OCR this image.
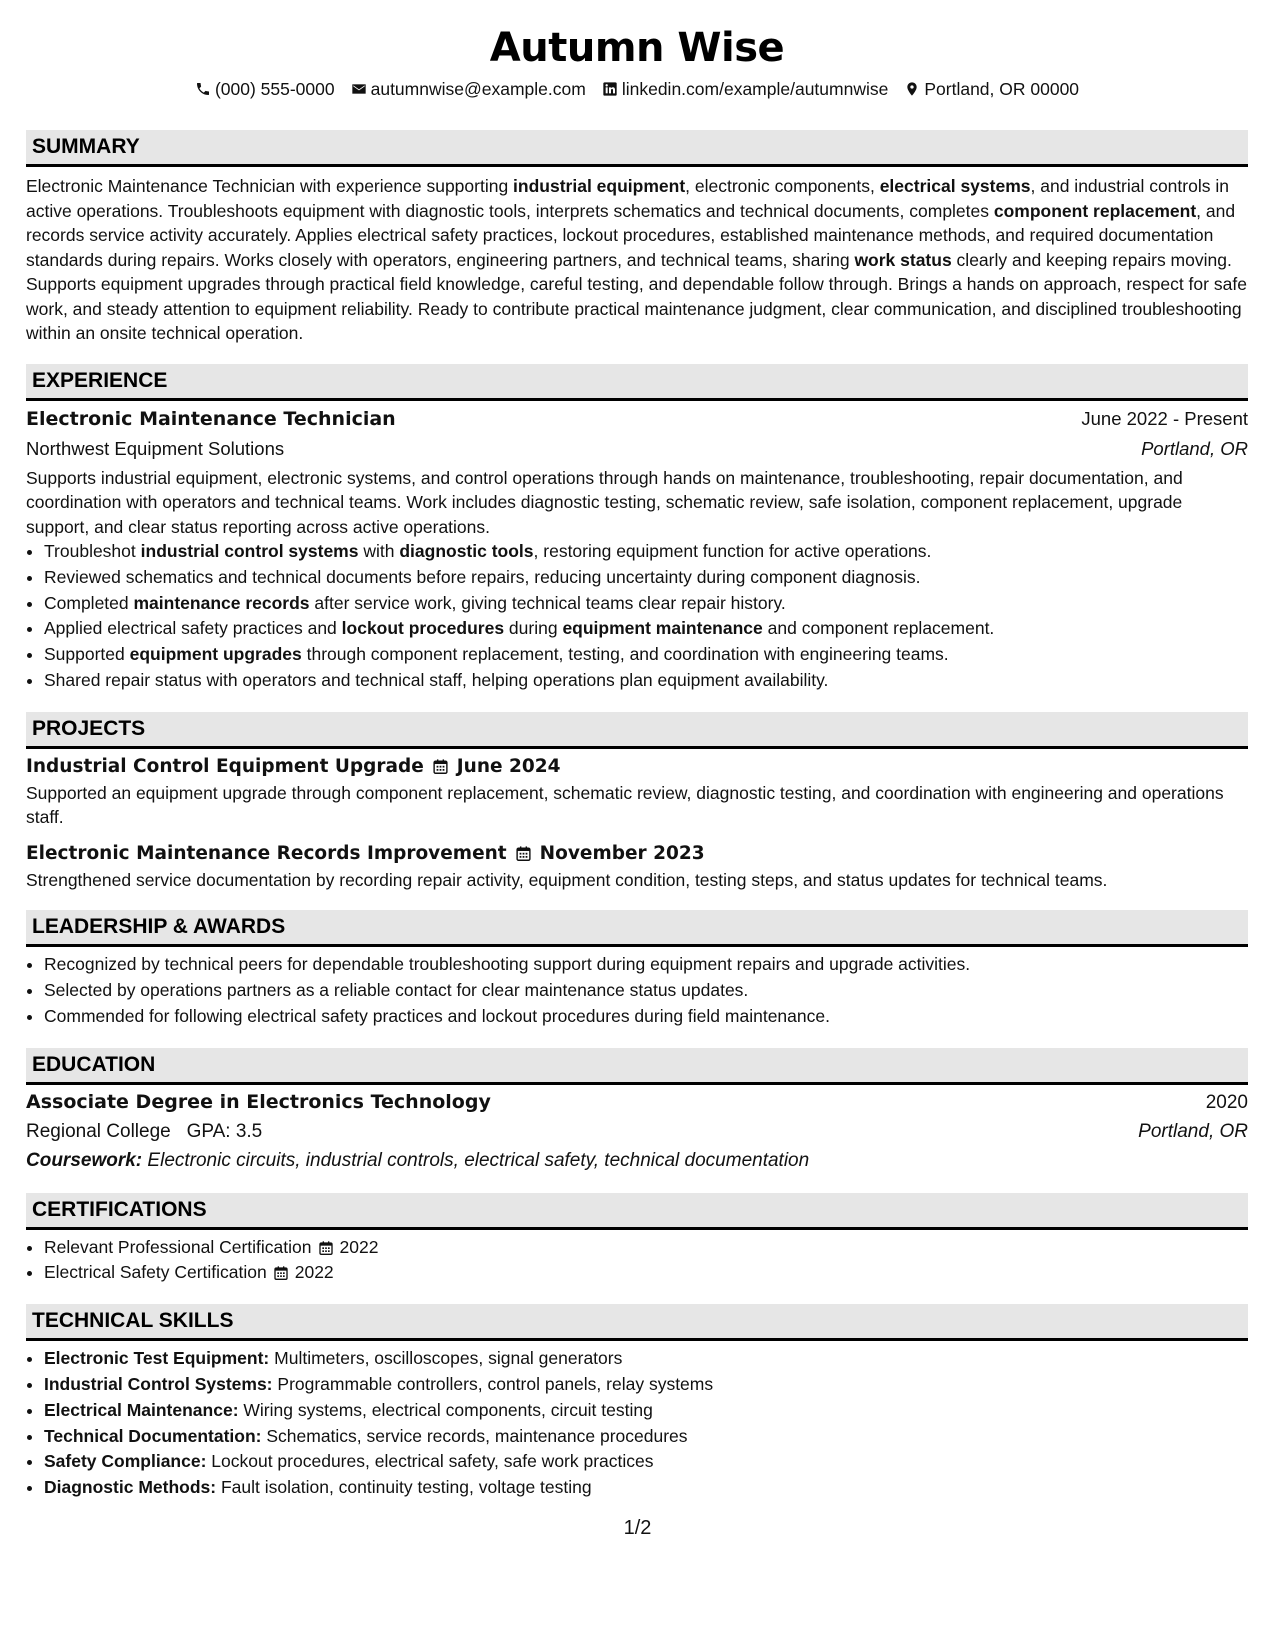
Autumn Wise
(000) 555-0000 autumnwise@example.com linkedin.com/example/autumnwise Portland, OR 00000
SUMMARY

Electronic Maintenance Technician with experience supporting industrial equipment, electronic components, electrical systems, and industrial controls in active operations. Troubleshoots equipment with diagnostic tools, interprets schematics and technical documents, completes component replacement, and records service activity accurately. Applies electrical safety practices, lockout procedures, established maintenance methods, and required documentation standards during repairs. Works closely with operators, engineering partners, and technical teams, sharing work status clearly and keeping repairs moving. Supports equipment upgrades through practical field knowledge, careful testing, and dependable follow through. Brings a hands on approach, respect for safe work, and steady attention to equipment reliability. Ready to contribute practical maintenance judgment, clear communication, and disciplined troubleshooting within an onsite technical operation.

EXPERIENCE
Electronic Maintenance Technician	June 2022 - Present
Northwest Equipment Solutions	Portland, OR

Supports industrial equipment, electronic systems, and control operations through hands on maintenance, troubleshooting, repair documentation, and coordination with operators and technical teams. Work includes diagnostic testing, schematic review, safe isolation, component replacement, upgrade support, and clear status reporting across active operations.

• Troubleshot industrial control systems with diagnostic tools, restoring equipment function for active operations.
• Reviewed schematics and technical documents before repairs, reducing uncertainty during component diagnosis.
• Completed maintenance records after service work, giving technical teams clear repair history.
• Applied electrical safety practices and lockout procedures during equipment maintenance and component replacement.
• Supported equipment upgrades through component replacement, testing, and coordination with engineering teams.
• Shared repair status with operators and technical staff, helping operations plan equipment availability.
PROJECTS
Industrial Control Equipment Upgrade June 2024

Supported an equipment upgrade through component replacement, schematic review, diagnostic testing, and coordination with engineering and operations staff.

Electronic Maintenance Records Improvement November 2023

Strengthened service documentation by recording repair activity, equipment condition, testing steps, and status updates for technical teams.

LEADERSHIP & AWARDS
• Recognized by technical peers for dependable troubleshooting support during equipment repairs and upgrade activities.
• Selected by operations partners as a reliable contact for clear maintenance status updates.
• Commended for following electrical safety practices and lockout procedures during field maintenance.
EDUCATION
Associate Degree in Electronics Technology	2020
Regional College GPA: 3.5	Portland, OR
Coursework: Electronic circuits, industrial controls, electrical safety, technical documentation
CERTIFICATIONS
• Relevant Professional Certification 2022
• Electrical Safety Certification 2022
TECHNICAL SKILLS
• Electronic Test Equipment: Multimeters, oscilloscopes, signal generators
• Industrial Control Systems: Programmable controllers, control panels, relay systems
• Electrical Maintenance: Wiring systems, electrical components, circuit testing
• Technical Documentation: Schematics, service records, maintenance procedures
• Safety Compliance: Lockout procedures, electrical safety, safe work practices
• Diagnostic Methods: Fault isolation, continuity testing, voltage testing
1/2
